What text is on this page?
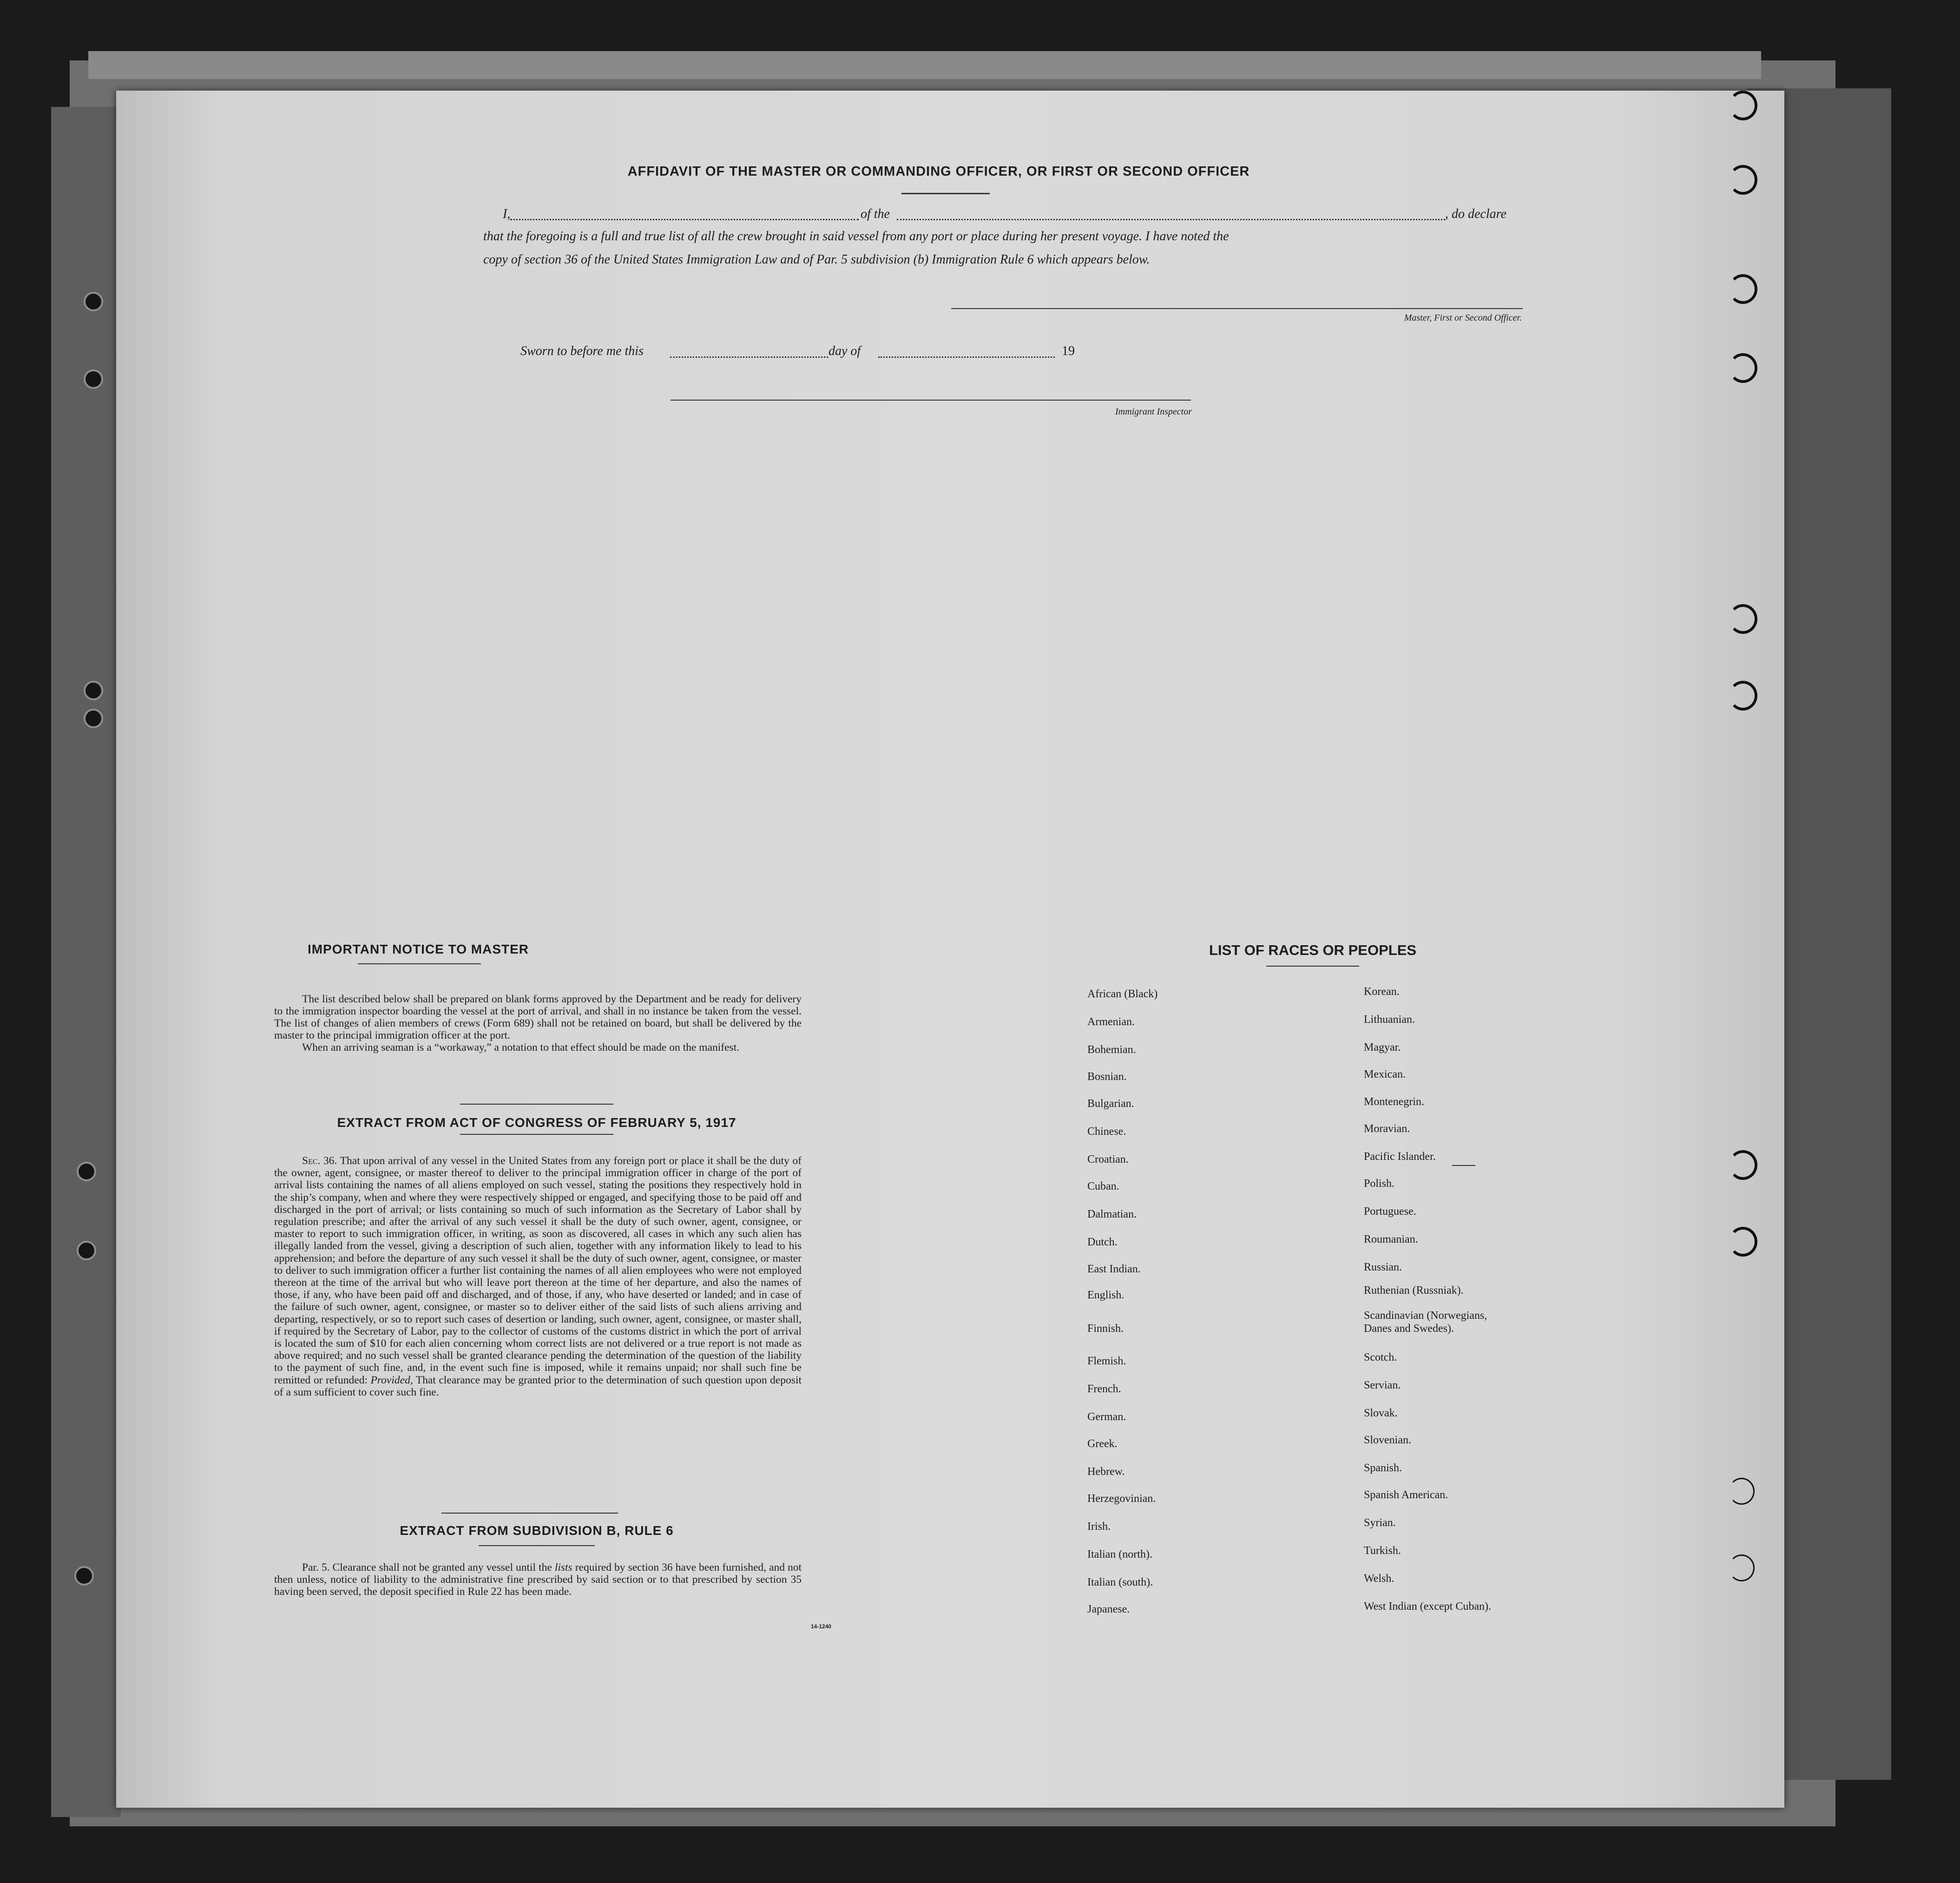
AFFIDAVIT OF THE MASTER OR COMMANDING OFFICER, OR FIRST OR SECOND OFFICER
I,	of the	, do declare
that the foregoing is a full and true list of all the crew brought in said vessel from any port or place during her present voyage. I have noted the
copy of section 36 of the United States Immigration Law and of Par. 5 subdivision (b) Immigration Rule 6 which appears below.
Master, First or Second Officer.
Sworn to before me this	day of	19
Immigrant Inspector
IMPORTANT NOTICE TO MASTER

The list described below shall be prepared on blank forms approved by the Department and be ready for delivery to the immigration inspector boarding the vessel at the port of arrival, and shall in no instance be taken from the vessel. The list of changes of alien members of crews (Form 689) shall not be retained on board, but shall be delivered by the master to the principal immigration officer at the port.

When an arriving seaman is a “workaway,” a notation to that effect should be made on the manifest.

EXTRACT FROM ACT OF CONGRESS OF FEBRUARY 5, 1917

Sec. 36. That upon arrival of any vessel in the United States from any foreign port or place it shall be the duty of the owner, agent, consignee, or master thereof to deliver to the principal immigration officer in charge of the port of arrival lists containing the names of all aliens employed on such vessel, stating the positions they respectively hold in the ship’s company, when and where they were respectively shipped or engaged, and specifying those to be paid off and discharged in the port of arrival; or lists containing so much of such information as the Secretary of Labor shall by regulation prescribe; and after the arrival of any such vessel it shall be the duty of such owner, agent, consignee, or master to report to such immigration officer, in writing, as soon as discovered, all cases in which any such alien has illegally landed from the vessel, giving a description of such alien, together with any information likely to lead to his apprehension; and before the departure of any such vessel it shall be the duty of such owner, agent, consignee, or master to deliver to such immigration officer a further list containing the names of all alien employees who were not employed thereon at the time of the arrival but who will leave port thereon at the time of her departure, and also the names of those, if any, who have been paid off and discharged, and of those, if any, who have deserted or landed; and in case of the failure of such owner, agent, consignee, or master so to deliver either of the said lists of such aliens arriving and departing, respectively, or so to report such cases of desertion or landing, such owner, agent, consignee, or master shall, if required by the Secretary of Labor, pay to the collector of customs of the customs district in which the port of arrival is located the sum of $10 for each alien concerning whom correct lists are not delivered or a true report is not made as above required; and no such vessel shall be granted clearance pending the determination of the question of the liability to the payment of such fine, and, in the event such fine is imposed, while it remains unpaid; nor shall such fine be remitted or refunded: Provided, That clearance may be granted prior to the determination of such question upon deposit of a sum sufficient to cover such fine.

EXTRACT FROM SUBDIVISION B, RULE 6

Par. 5. Clearance shall not be granted any vessel until the lists required by section 36 have been furnished, and not then unless, notice of liability to the administrative fine prescribed by said section or to that prescribed by section 35 having been served, the deposit specified in Rule 22 has been made.

14-1240
LIST OF RACES OR PEOPLES
African (Black)
Armenian.
Bohemian.
Bosnian.
Bulgarian.
Chinese.
Croatian.
Cuban.
Dalmatian.
Dutch.
East Indian.
English.
Finnish.
Flemish.
French.
German.
Greek.
Hebrew.
Herzegovinian.
Irish.
Italian (north).
Italian (south).
Japanese.
Korean.
Lithuanian.
Magyar.
Mexican.
Montenegrin.
Moravian.
Pacific Islander.
Polish.
Portuguese.
Roumanian.
Russian.
Ruthenian (Russniak).
Scandinavian (Norwegians,
Danes and Swedes).
Scotch.
Servian.
Slovak.
Slovenian.
Spanish.
Spanish American.
Syrian.
Turkish.
Welsh.
West Indian (except Cuban).
